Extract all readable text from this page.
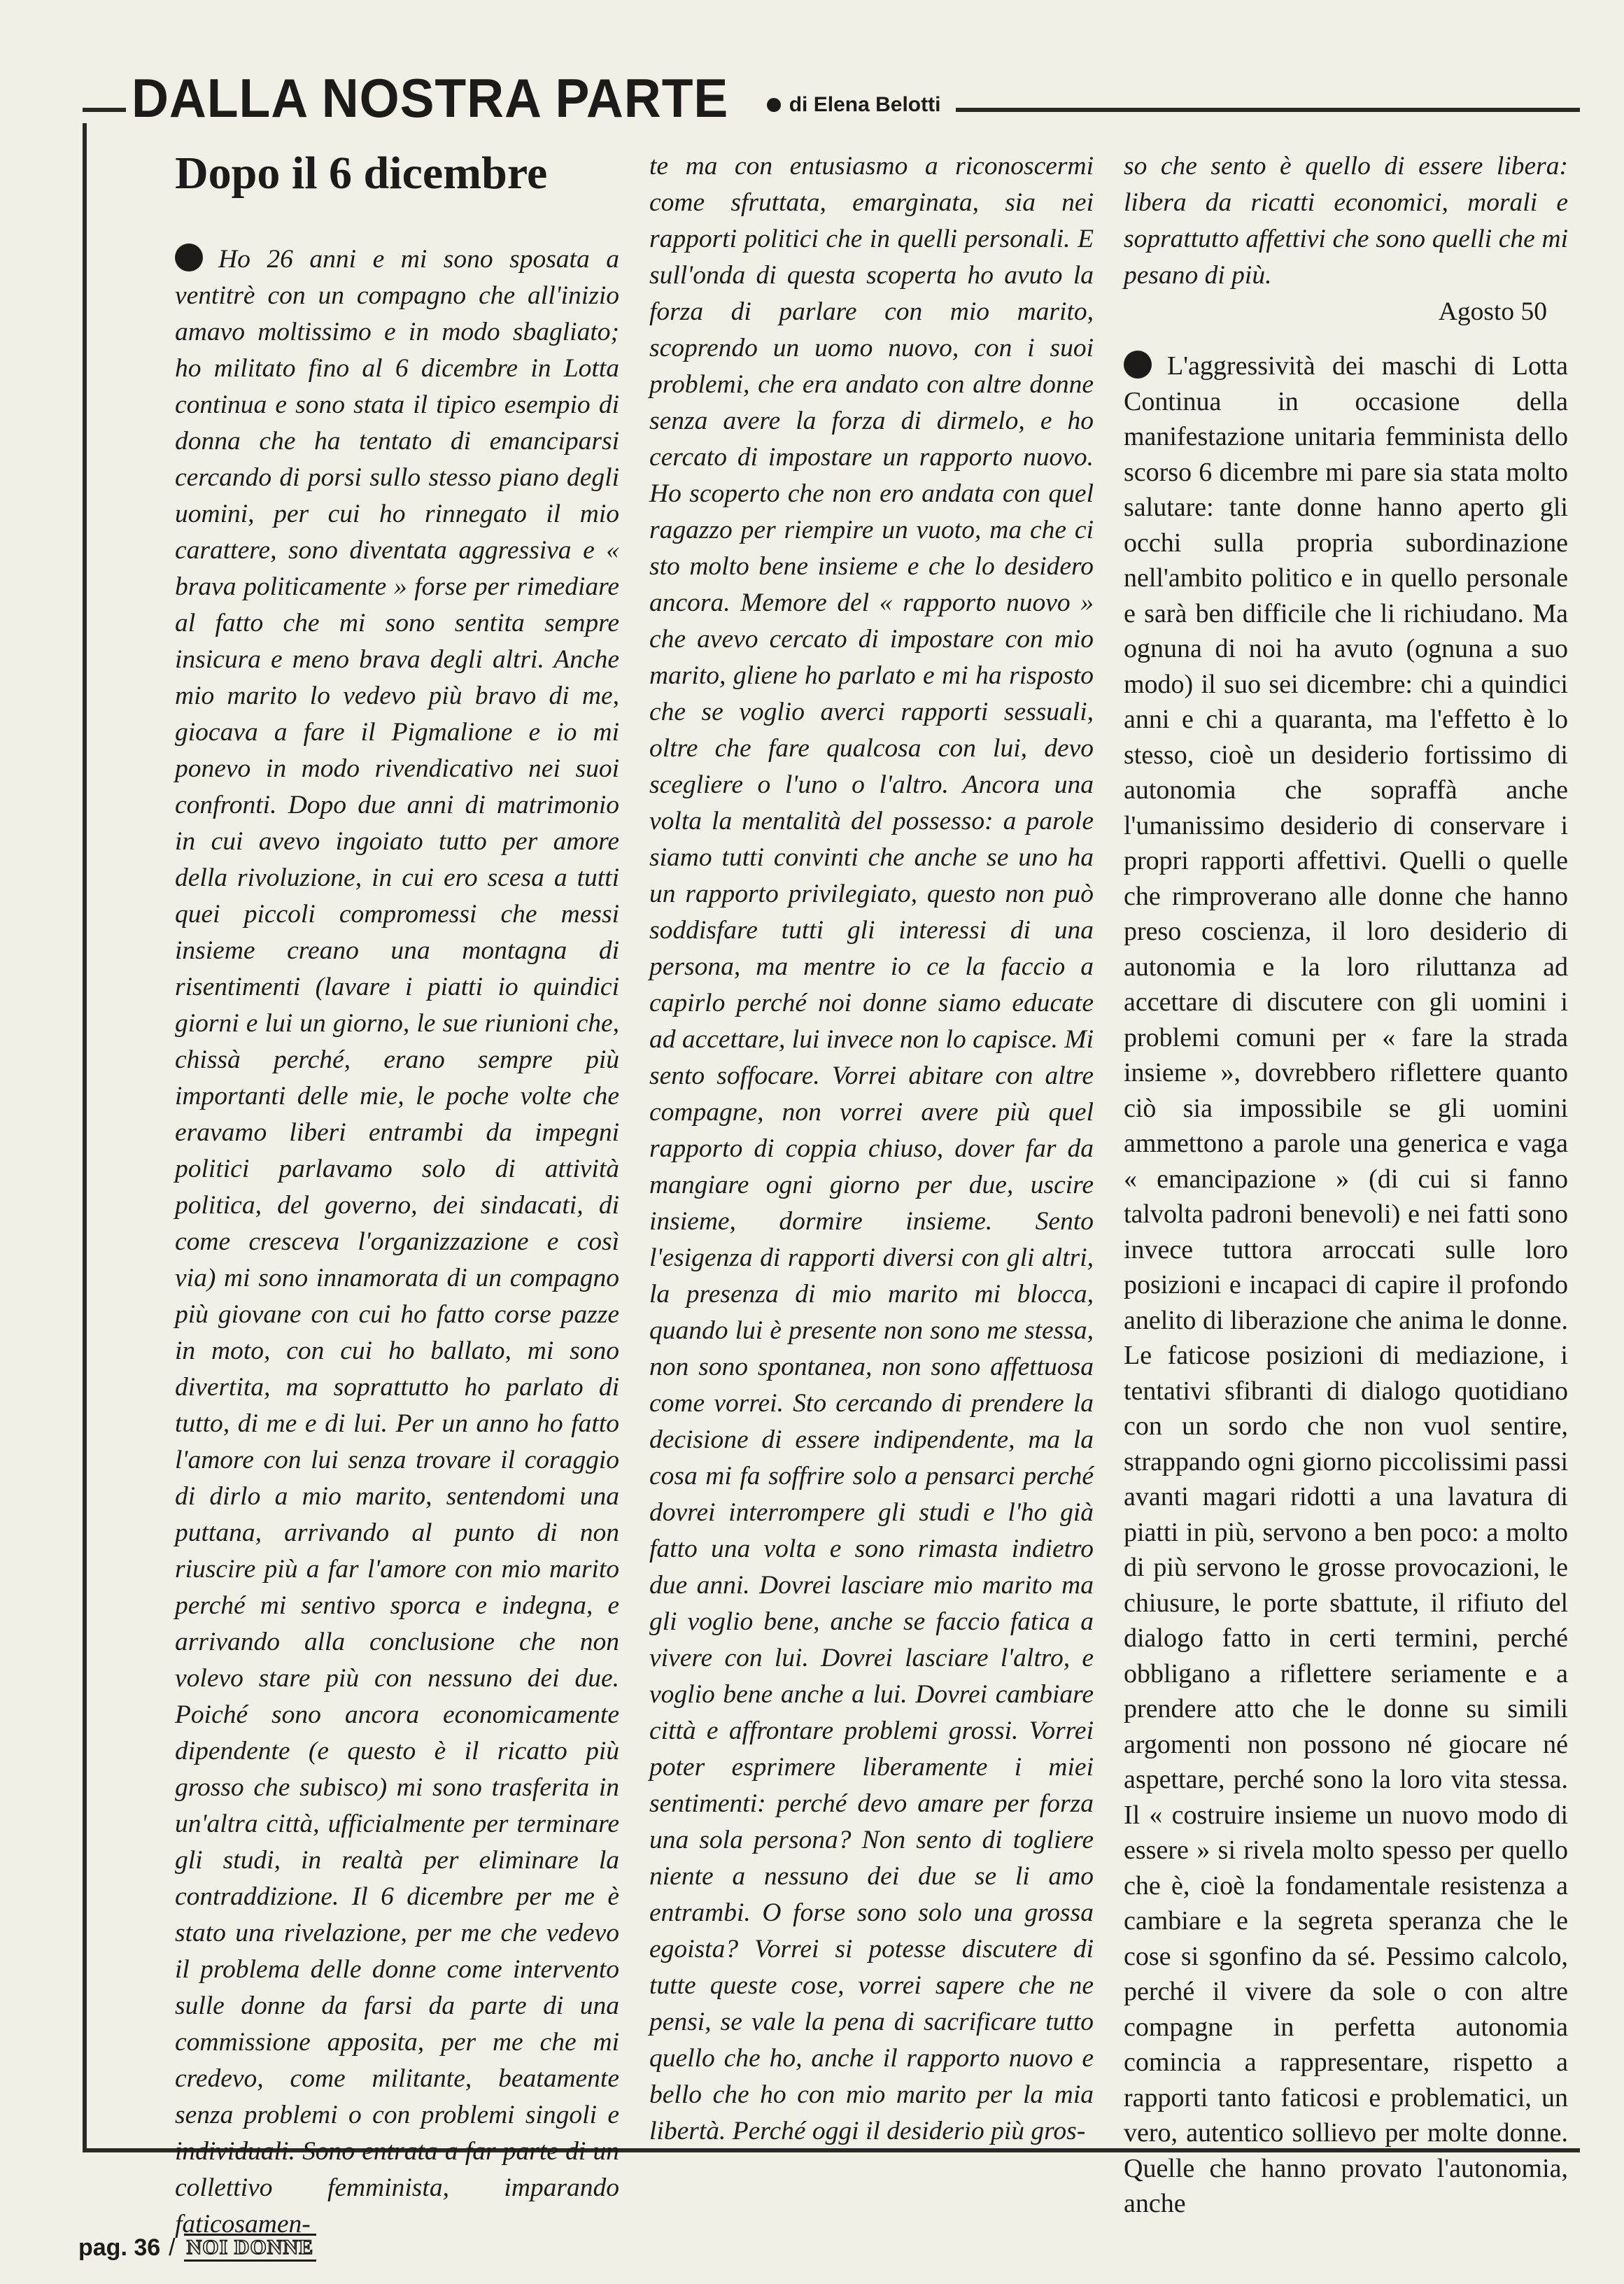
DALLA NOSTRA PARTE	di Elena Belotti
Dopo il 6 dicembre

Ho 26 anni e mi sono sposata a ventitrè con un compagno che all'inizio amavo moltissimo e in modo sbagliato; ho militato fino al 6 dicembre in Lotta continua e sono stata il tipico esempio di donna che ha tentato di emanciparsi cercando di porsi sullo stesso piano degli uomini, per cui ho rinnegato il mio carattere, sono diventata aggressiva e « brava politicamente » forse per rimediare al fatto che mi sono sentita sempre insicura e meno brava degli altri. Anche mio marito lo vedevo più bravo di me, giocava a fare il Pigmalione e io mi ponevo in modo rivendicativo nei suoi confronti. Dopo due anni di matrimonio in cui avevo ingoiato tutto per amore della rivoluzione, in cui ero scesa a tutti quei piccoli compromessi che messi insieme creano una montagna di risentimenti (lavare i piatti io quindici giorni e lui un giorno, le sue riunioni che, chissà perché, erano sempre più importanti delle mie, le poche volte che eravamo liberi entrambi da impegni politici parlavamo solo di attività politica, del governo, dei sindacati, di come cresceva l'organizzazione e così via) mi sono innamorata di un compagno più giovane con cui ho fatto corse pazze in moto, con cui ho ballato, mi sono divertita, ma soprattutto ho parlato di tutto, di me e di lui. Per un anno ho fatto l'amore con lui senza trovare il coraggio di dirlo a mio marito, sentendomi una puttana, arrivando al punto di non riuscire più a far l'amore con mio marito perché mi sentivo sporca e indegna, e arrivando alla conclusione che non volevo stare più con nessuno dei due. Poiché sono ancora economicamente dipendente (e questo è il ricatto più grosso che subisco) mi sono trasferita in un'altra città, ufficialmente per terminare gli studi, in realtà per eliminare la contraddizione. Il 6 dicembre per me è stato una rivelazione, per me che vedevo il problema delle donne come intervento sulle donne da farsi da parte di una commissione apposita, per me che mi credevo, come militante, beatamente senza problemi o con problemi singoli e individuali. Sono entrata a far parte di un collettivo femminista, imparando faticosamen-

te ma con entusiasmo a riconoscermi come sfruttata, emarginata, sia nei rapporti politici che in quelli personali. E sull'onda di questa scoperta ho avuto la forza di parlare con mio marito, scoprendo un uomo nuovo, con i suoi problemi, che era andato con altre donne senza avere la forza di dirmelo, e ho cercato di impostare un rapporto nuovo. Ho scoperto che non ero andata con quel ragazzo per riempire un vuoto, ma che ci sto molto bene insieme e che lo desidero ancora. Memore del « rapporto nuovo » che avevo cercato di impostare con mio marito, gliene ho parlato e mi ha risposto che se voglio averci rapporti sessuali, oltre che fare qualcosa con lui, devo scegliere o l'uno o l'altro. Ancora una volta la mentalità del possesso: a parole siamo tutti convinti che anche se uno ha un rapporto privilegiato, questo non può soddisfare tutti gli interessi di una persona, ma mentre io ce la faccio a capirlo perché noi donne siamo educate ad accettare, lui invece non lo capisce. Mi sento soffocare. Vorrei abitare con altre compagne, non vorrei avere più quel rapporto di coppia chiuso, dover far da mangiare ogni giorno per due, uscire insieme, dormire insieme. Sento l'esigenza di rapporti diversi con gli altri, la presenza di mio marito mi blocca, quando lui è presente non sono me stessa, non sono spontanea, non sono affettuosa come vorrei. Sto cercando di prendere la decisione di essere indipendente, ma la cosa mi fa soffrire solo a pensarci perché dovrei interrompere gli studi e l'ho già fatto una volta e sono rimasta indietro due anni. Dovrei lasciare mio marito ma gli voglio bene, anche se faccio fatica a vivere con lui. Dovrei lasciare l'altro, e voglio bene anche a lui. Dovrei cambiare città e affrontare problemi grossi. Vorrei poter esprimere liberamente i miei sentimenti: perché devo amare per forza una sola persona? Non sento di togliere niente a nessuno dei due se li amo entrambi. O forse sono solo una grossa egoista? Vorrei si potesse discutere di tutte queste cose, vorrei sapere che ne pensi, se vale la pena di sacrificare tutto quello che ho, anche il rapporto nuovo e bello che ho con mio marito per la mia libertà. Perché oggi il desiderio più gros-

so che sento è quello di essere libera: libera da ricatti economici, morali e soprattutto affettivi che sono quelli che mi pesano di più.

Agosto 50

L'aggressività dei maschi di Lotta Continua in occasione della manifestazione unitaria femminista dello scorso 6 dicembre mi pare sia stata molto salutare: tante donne hanno aperto gli occhi sulla propria subordinazione nell'ambito politico e in quello personale e sarà ben difficile che li richiudano. Ma ognuna di noi ha avuto (ognuna a suo modo) il suo sei dicembre: chi a quindici anni e chi a quaranta, ma l'effetto è lo stesso, cioè un desiderio fortissimo di autonomia che sopraffà anche l'umanissimo desiderio di conservare i propri rapporti affettivi. Quelli o quelle che rimproverano alle donne che hanno preso coscienza, il loro desiderio di autonomia e la loro riluttanza ad accettare di discutere con gli uomini i problemi comuni per « fare la strada insieme », dovrebbero riflettere quanto ciò sia impossibile se gli uomini ammettono a parole una generica e vaga « emancipazione » (di cui si fanno talvolta padroni benevoli) e nei fatti sono invece tuttora arroccati sulle loro posizioni e incapaci di capire il profondo anelito di liberazione che anima le donne. Le faticose posizioni di mediazione, i tentativi sfibranti di dialogo quotidiano con un sordo che non vuol sentire, strappando ogni giorno piccolissimi passi avanti magari ridotti a una lavatura di piatti in più, servono a ben poco: a molto di più servono le grosse provocazioni, le chiusure, le porte sbattute, il rifiuto del dialogo fatto in certi termini, perché obbligano a riflettere seriamente e a prendere atto che le donne su simili argomenti non possono né giocare né aspettare, perché sono la loro vita stessa. Il « costruire insieme un nuovo modo di essere » si rivela molto spesso per quello che è, cioè la fondamentale resistenza a cambiare e la segreta speranza che le cose si sgonfino da sé. Pessimo calcolo, perché il vivere da sole o con altre compagne in perfetta autonomia comincia a rappresentare, rispetto a rapporti tanto faticosi e problematici, un vero, autentico sollievo per molte donne. Quelle che hanno provato l'autonomia, anche

pag. 36 / NOI DONNE
